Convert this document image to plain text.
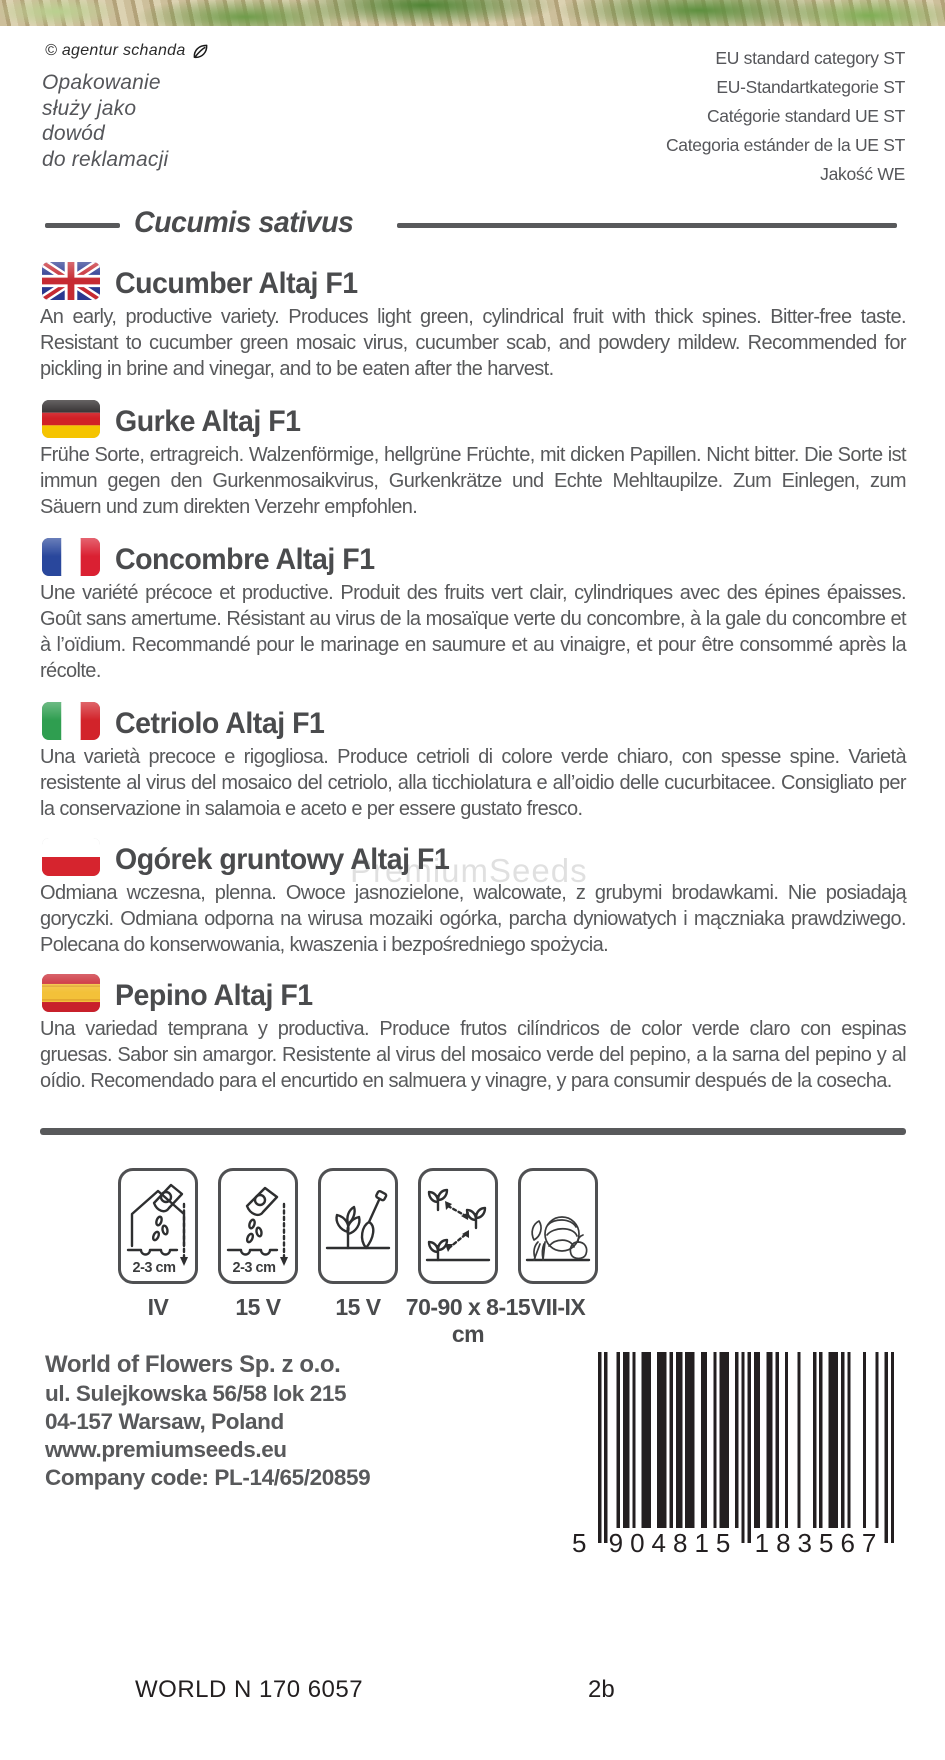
© agentur schanda
Opakowanie
służy jako
dowód
do reklamacji
EU standard category ST
EU-Standartkategorie ST
Catégorie standard UE ST
Categoria estánder de la UE ST
Jakość WE
Cucumis sativus
PremiumSeeds
Cucumber Altaj F1

An early, productive variety. Produces light green, cylindrical fruit with thick spines. Bitter-free taste. Resistant to cucumber green mosaic virus, cucumber scab, and powdery mildew. Recommended for pickling in brine and vinegar, and to be eaten after the harvest.

Gurke Altaj F1

Frühe Sorte, ertragreich. Walzenförmige, hellgrüne Früchte, mit dicken Papillen. Nicht bitter. Die Sorte ist immun gegen den Gurkenmosaikvirus, Gurkenkrätze und Echte Mehltaupilze. Zum Einlegen, zum Säuern und zum direkten Verzehr empfohlen.

Concombre Altaj F1

Une variété précoce et productive. Produit des fruits vert clair, cylindriques avec des épines épaisses. Goût sans amertume. Résistant au virus de la mosaïque verte du concombre, à la gale du concombre et à l’oïdium. Recommandé pour le marinage en saumure et au vinaigre, et pour être consommé après la récolte.

Cetriolo Altaj F1

Una varietà precoce e rigogliosa. Produce cetrioli di colore verde chiaro, con spesse spine. Varietà resistente al virus del mosaico del cetriolo, alla ticchiolatura e all’oidio delle cucurbitacee. Consigliato per la conservazione in salamoia e aceto e per essere gustato fresco.

Ogórek gruntowy Altaj F1

Odmiana wczesna, plenna. Owoce jasnozielone, walcowate, z grubymi brodawkami. Nie posiadają goryczki. Odmiana odporna na wirusa mozaiki ogórka, parcha dyniowatych i mączniaka prawdziwego. Polecana do konserwowania, kwaszenia i bezpośredniego spożycia.

Pepino Altaj F1

Una variedad temprana y productiva. Produce frutos cilíndricos de color verde claro con espinas gruesas. Sabor sin amargor. Resistente al virus del mosaico verde del pepino, a la sarna del pepino y al oídio. Recomendado para el encurtido en salmuera y vinagre, y para consumir después de la cosecha.

2-3 cm	2-3 cm
IV	15 V	15 V	70-90 x 8-15 cm
VII-IX
World of Flowers Sp. z o.o.
ul. Sulejkowska 56/58 lok 215
04-157 Warsaw, Poland
www.premiumseeds.eu
Company code: PL-14/65/20859
5 904815 183567
WORLD N 170 6057	2b
